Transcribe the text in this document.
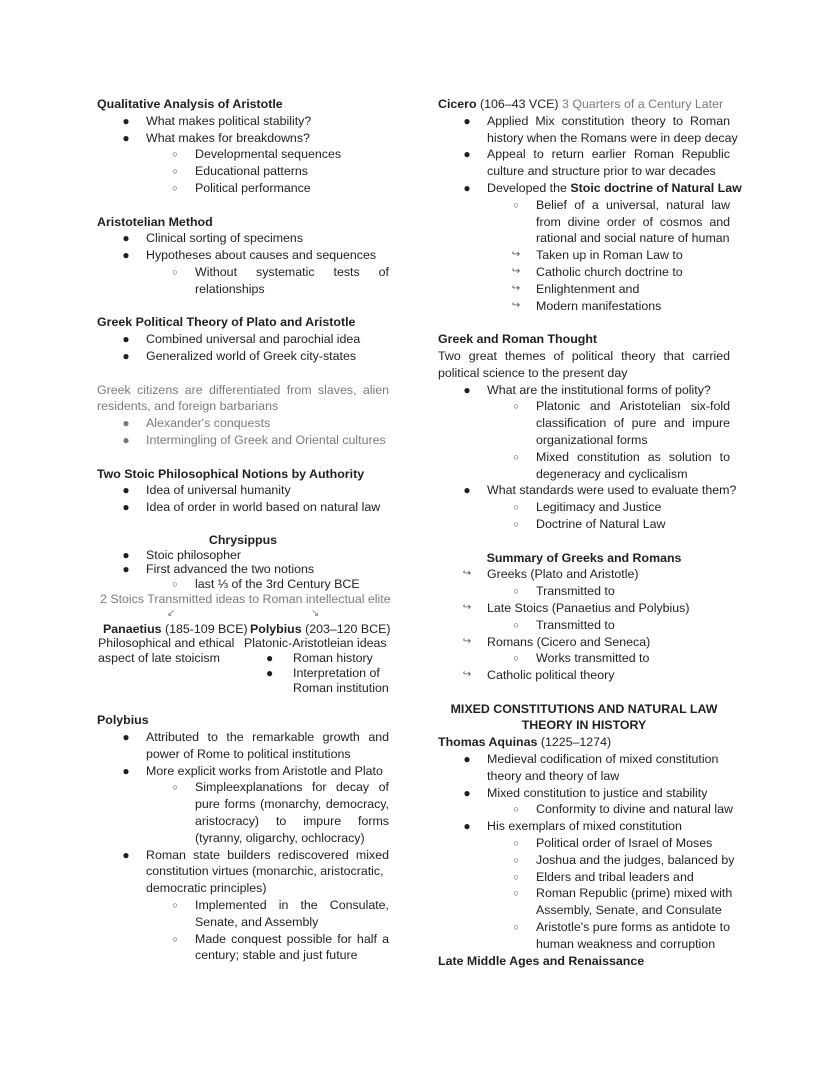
Qualitative Analysis of Aristotle
● What makes political stability?
● What makes for breakdowns?
○	Developmental sequences
○	Educational patterns
○	Political performance
Aristotelian Method
● Clinical sorting of specimens
● Hypotheses about causes and sequences
○	Without systematic tests of
relationships
Greek Political Theory of Plato and Aristotle
● Combined universal and parochial idea
● Generalized world of Greek city-states
Greek citizens are differentiated from slaves, alien
residents, and foreign barbarians
● Alexander's conquests
● Intermingling of Greek and Oriental cultures
Two Stoic Philosophical Notions by Authority
● Idea of universal humanity
● Idea of order in world based on natural law
Chrysippus
● Stoic philosopher
● First advanced the two notions
○	last ⅓ of the 3rd Century BCE
2 Stoics Transmitted ideas to Roman intellectual elite
↙	↘
Panaetius (185-109 BCE)
Philosophical and ethical
aspect of late stoicism
Polybius (203–120 BCE)
Platonic-Aristotleian ideas
● Roman history
● Interpretation of
Roman institution
Polybius
● Attributed to the remarkable growth and
power of Rome to political institutions
● More explicit works from Aristotle and Plato
○	Simpleexplanations for decay of
pure forms (monarchy, democracy,
aristocracy) to impure forms
(tyranny, oligarchy, ochlocracy)
● Roman state builders rediscovered mixed
constitution virtues (monarchic, aristocratic,
democratic principles)
○	Implemented in the Consulate,
Senate, and Assembly
○	Made conquest possible for half a
century; stable and just future
Cicero (106–43 VCE) 3 Quarters of a Century Later
● Applied Mix constitution theory to Roman
history when the Romans were in deep decay
● Appeal to return earlier Roman Republic
culture and structure prior to war decades
● Developed the Stoic doctrine of Natural Law
○	Belief of a universal, natural law
from divine order of cosmos and
rational and social nature of human
↪ Taken up in Roman Law to
↪ Catholic church doctrine to
↪ Enlightenment and
↪ Modern manifestations
Greek and Roman Thought
Two great themes of political theory that carried
political science to the present day
● What are the institutional forms of polity?
○	Platonic and Aristotelian six-fold
classification of pure and impure
organizational forms
○	Mixed constitution as solution to
degeneracy and cyclicalism
● What standards were used to evaluate them?
○	Legitimacy and Justice
○	Doctrine of Natural Law
Summary of Greeks and Romans
↪ Greeks (Plato and Aristotle)
○	Transmitted to
↪ Late Stoics (Panaetius and Polybius)
○	Transmitted to
↪ Romans (Cicero and Seneca)
○	Works transmitted to
↪ Catholic political theory
MIXED CONSTITUTIONS AND NATURAL LAW
THEORY IN HISTORY
Thomas Aquinas (1225–1274)
● Medieval codification of mixed constitution
theory and theory of law
● Mixed constitution to justice and stability
○	Conformity to divine and natural law
● His exemplars of mixed constitution
○	Political order of Israel of Moses
○	Joshua and the judges, balanced by
○	Elders and tribal leaders and
○	Roman Republic (prime) mixed with
Assembly, Senate, and Consulate
○	Aristotle's pure forms as antidote to
human weakness and corruption
Late Middle Ages and Renaissance
